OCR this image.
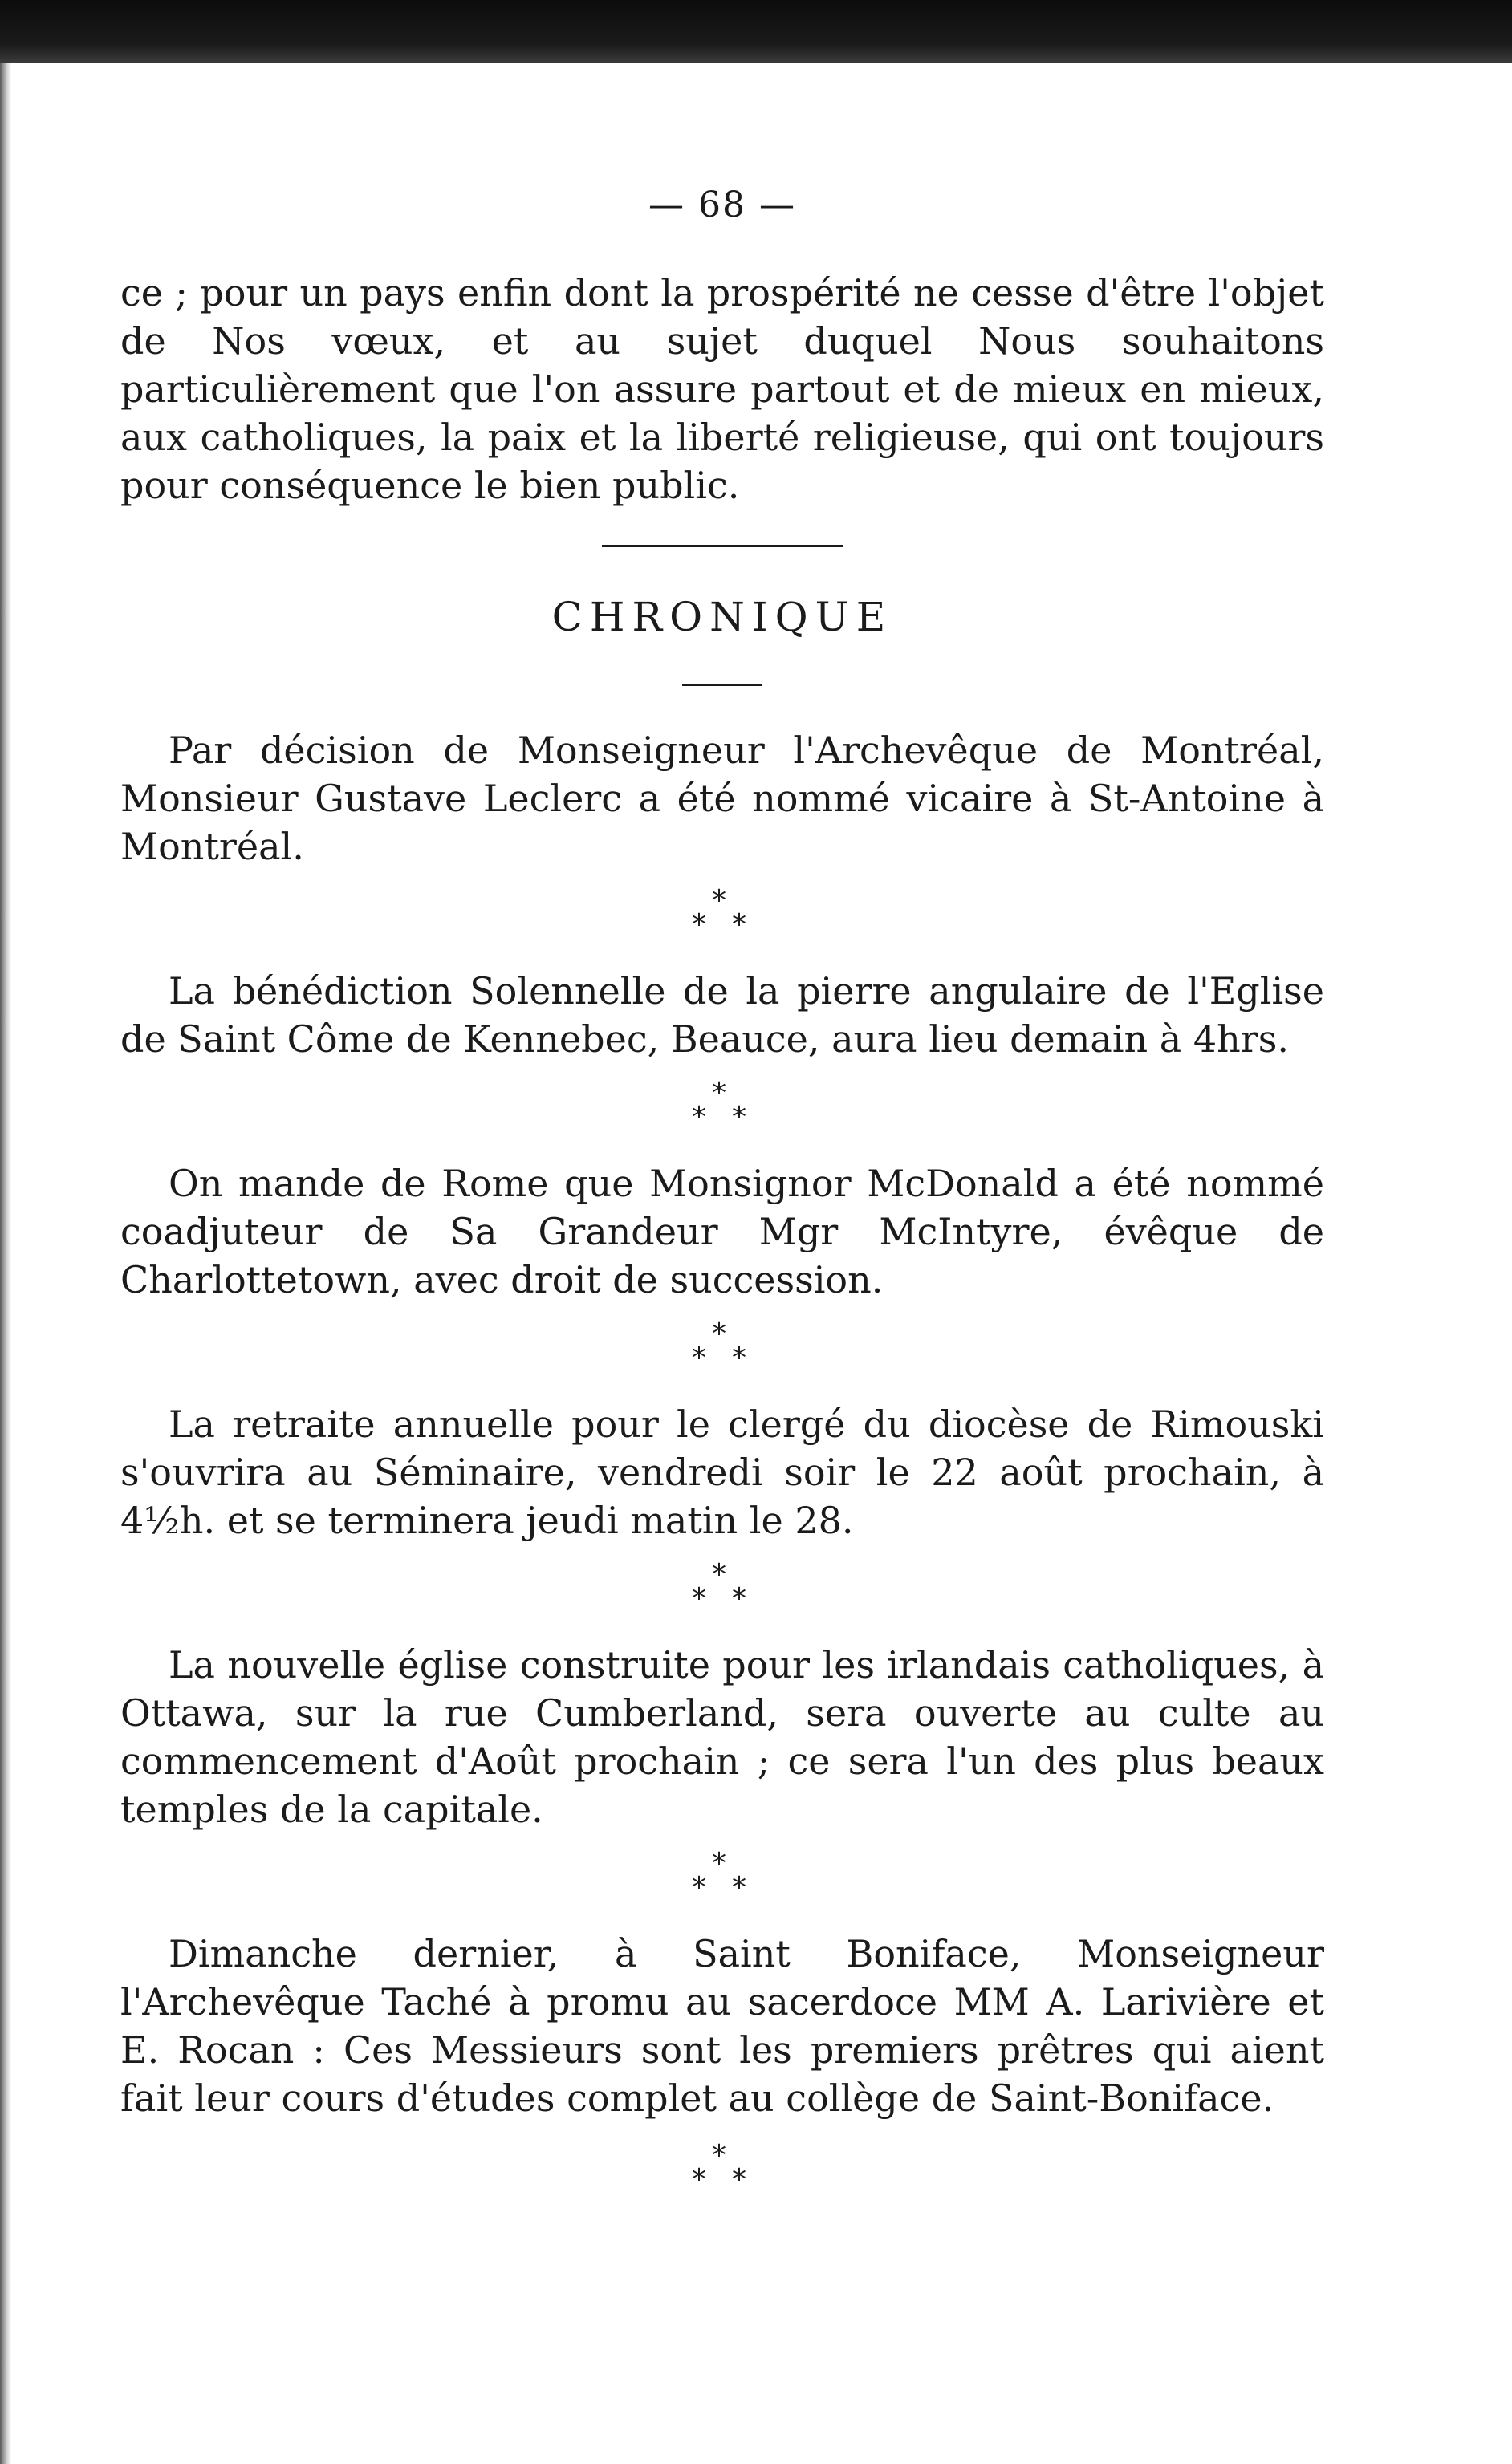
— 68 —

ce ; pour un pays enfin dont la prospérité ne cesse d'être l'objet de Nos vœux, et au sujet duquel Nous souhaitons particulièrement que l'on assure partout et de mieux en mieux, aux catholiques, la paix et la liberté religieuse, qui ont toujours pour conséquence le bien public.

CHRONIQUE

Par décision de Monseigneur l'Archevêque de Montréal, Monsieur Gustave Leclerc a été nommé vicaire à St-Antoine à Montréal.

*
*
*

La bénédiction Solennelle de la pierre angulaire de l'Eglise de Saint Côme de Kennebec, Beauce, aura lieu demain à 4hrs.

*
*
*

On mande de Rome que Monsignor McDonald a été nommé coadjuteur de Sa Grandeur Mgr McIntyre, évêque de Charlottetown, avec droit de succession.

*
*
*

La retraite annuelle pour le clergé du diocèse de Rimouski s'ouvrira au Séminaire, vendredi soir le 22 août prochain, à 4½h. et se terminera jeudi matin le 28.

*
*
*

La nouvelle église construite pour les irlandais catholiques, à Ottawa, sur la rue Cumberland, sera ouverte au culte au commencement d'Août prochain ; ce sera l'un des plus beaux temples de la capitale.

*
*
*

Dimanche dernier, à Saint Boniface, Monseigneur l'Archevêque Taché à promu au sacerdoce MM A. Larivière et E. Rocan : Ces Messieurs sont les premiers prêtres qui aient fait leur cours d'études complet au collège de Saint-Boniface.

*
*
*
